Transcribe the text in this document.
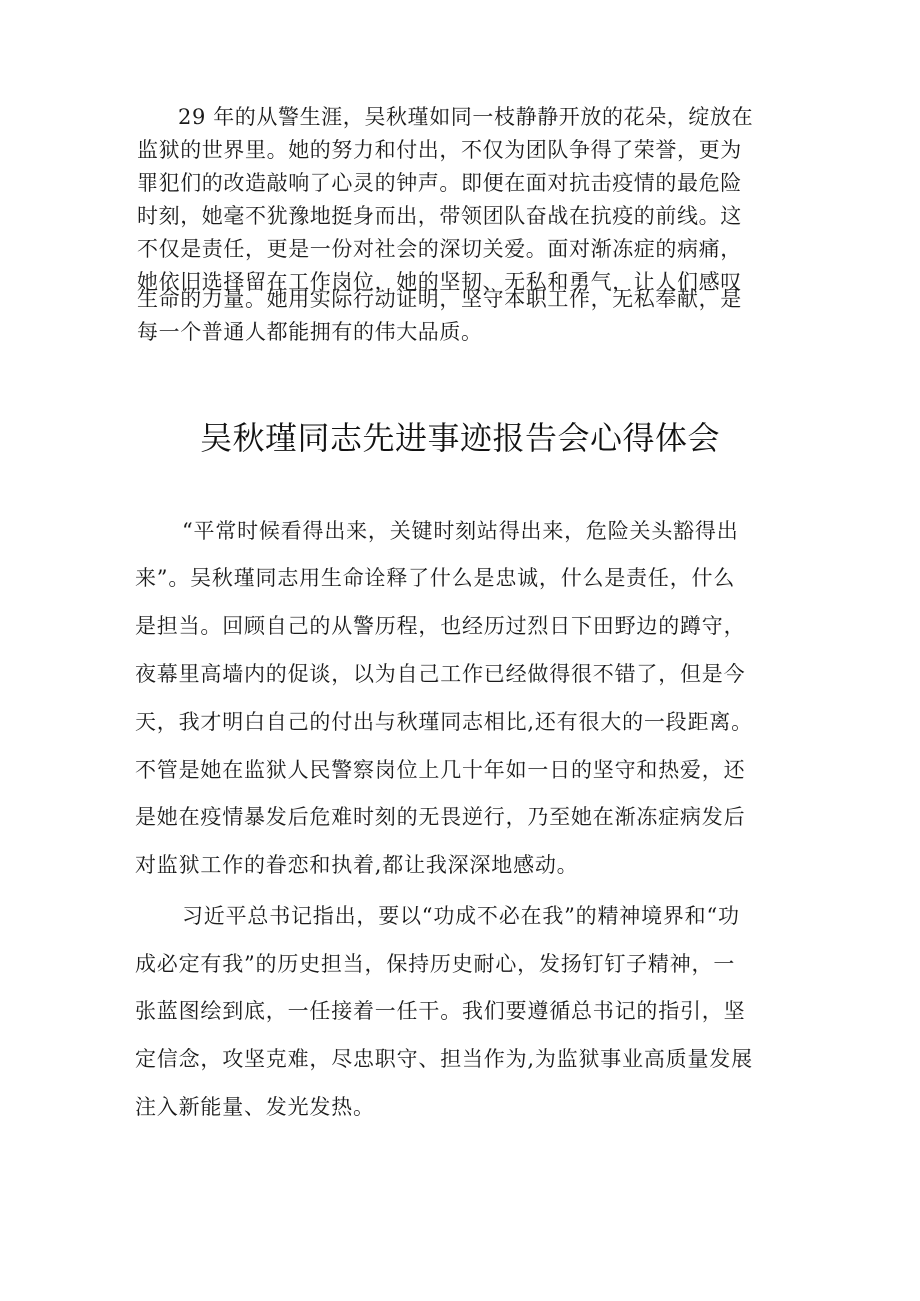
29 年的从警生涯，吴秋瑾如同一枝静静开放的花朵，绽放在

监狱的世界里。她的努力和付出，不仅为团队争得了荣誉，更为

罪犯们的改造敲响了心灵的钟声。即便在面对抗击疫情的最危险

时刻，她毫不犹豫地挺身而出，带领团队奋战在抗疫的前线。这

不仅是责任，更是一份对社会的深切关爱。面对渐冻症的病痛，

她依旧选择留在工作岗位，她的坚韧、无私和勇气，让人们感叹

生命的力量。她用实际行动证明，坚守本职工作，无私奉献，是

每一个普通人都能拥有的伟大品质。

吴秋瑾同志先进事迹报告会心得体会

“平常时候看得出来，关键时刻站得出来，危险关头豁得出

来”。吴秋瑾同志用生命诠释了什么是忠诚，什么是责任，什么

是担当。回顾自己的从警历程，也经历过烈日下田野边的蹲守，

夜幕里高墙内的促谈，以为自己工作已经做得很不错了，但是今

天，我才明白自己的付出与秋瑾同志相比,还有很大的一段距离。

不管是她在监狱人民警察岗位上几十年如一日的坚守和热爱，还

是她在疫情暴发后危难时刻的无畏逆行，乃至她在渐冻症病发后

对监狱工作的眷恋和执着,都让我深深地感动。

习近平总书记指出，要以“功成不必在我”的精神境界和“功

成必定有我”的历史担当，保持历史耐心，发扬钉钉子精神，一

张蓝图绘到底，一任接着一任干。我们要遵循总书记的指引，坚

定信念，攻坚克难，尽忠职守、担当作为,为监狱事业高质量发展

注入新能量、发光发热。
